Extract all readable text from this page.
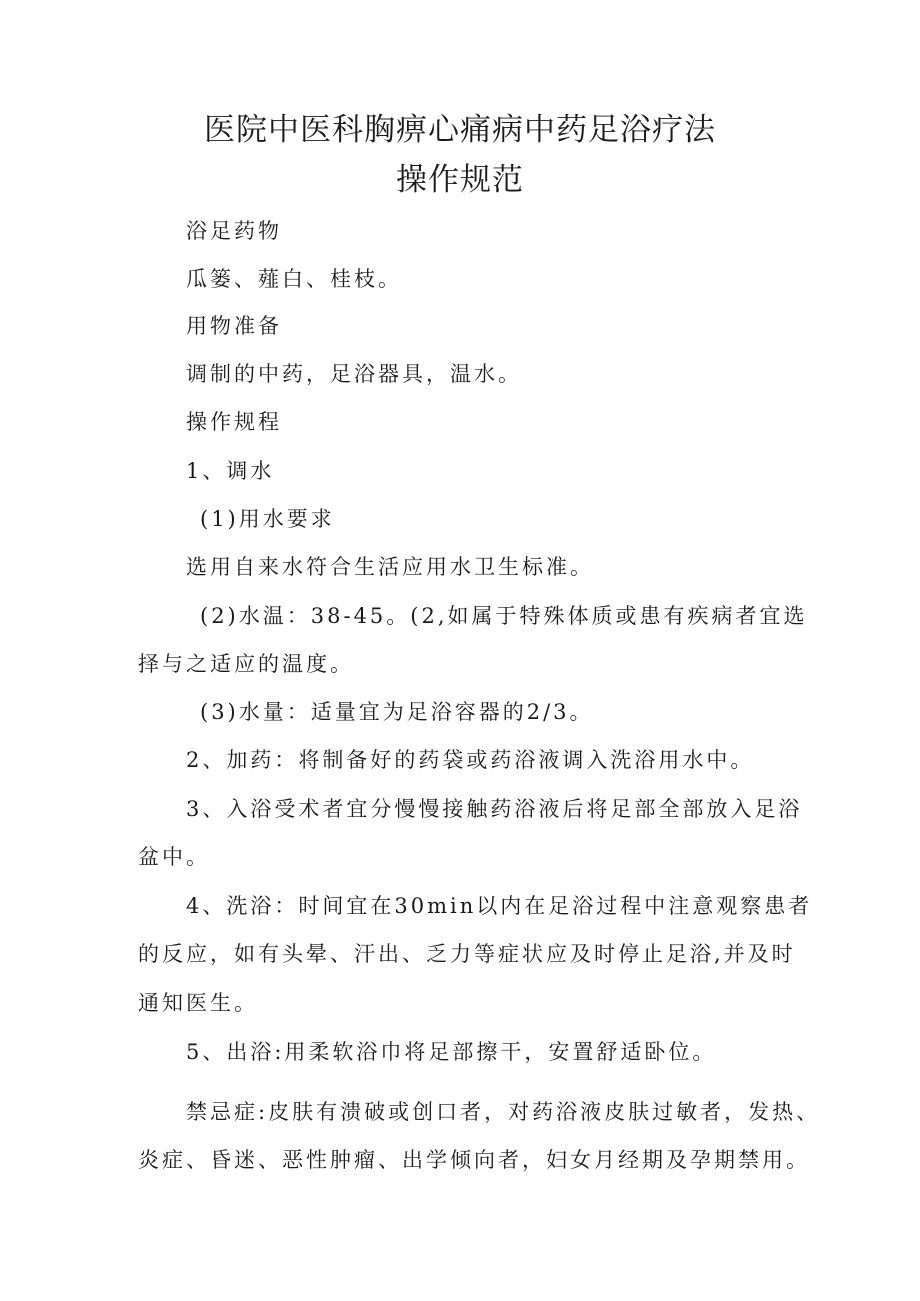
医院中医科胸痹心痛病中药足浴疗法
操作规范

浴足药物

瓜篓、薤白、桂枝。

用物准备

调制的中药，足浴器具，温水。

操作规程

1、调水

(1)用水要求

选用自来水符合生活应用水卫生标准。

(2)水温：38-45。(2,如属于特殊体质或患有疾病者宜选

择与之适应的温度。

(3)水量：适量宜为足浴容器的2/3。

2、加药：将制备好的药袋或药浴液调入洗浴用水中。

3、入浴受术者宜分慢慢接触药浴液后将足部全部放入足浴

盆中。

4、洗浴：时间宜在30min以内在足浴过程中注意观察患者

的反应，如有头晕、汗出、乏力等症状应及时停止足浴,并及时

通知医生。

5、出浴:用柔软浴巾将足部擦干，安置舒适卧位。

禁忌症:皮肤有溃破或创口者，对药浴液皮肤过敏者，发热、

炎症、昏迷、恶性肿瘤、出学倾向者，妇女月经期及孕期禁用。
